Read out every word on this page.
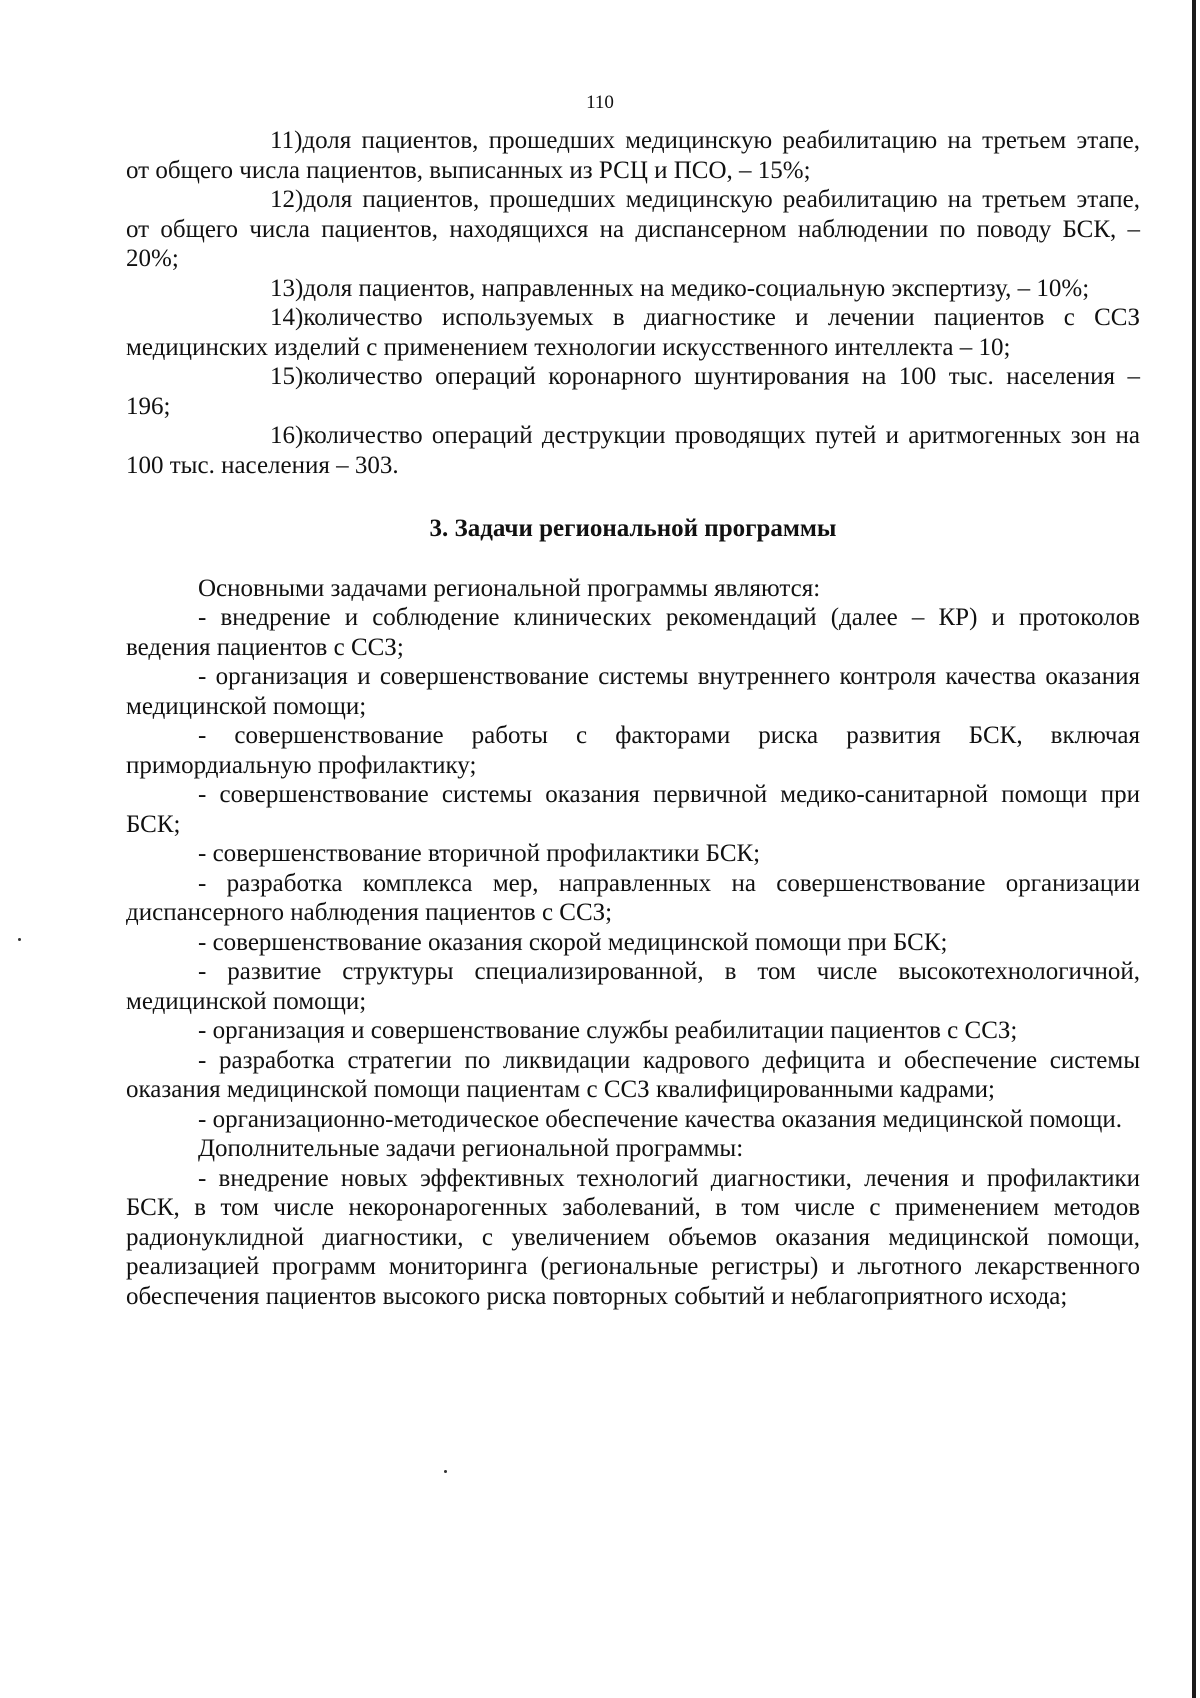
110

11)доля пациентов, прошедших медицинскую реабилитацию на третьем этапе, от общего числа пациентов, выписанных из РСЦ и ПСО, – 15%;

12)доля пациентов, прошедших медицинскую реабилитацию на третьем этапе, от общего числа пациентов, находящихся на диспансерном наблюдении по поводу БСК, – 20%;

13)доля пациентов, направленных на медико-социальную экспертизу, – 10%;

14)количество используемых в диагностике и лечении пациентов с ССЗ медицинских изделий с применением технологии искусственного интеллекта – 10;

15)количество операций коронарного шунтирования на 100 тыс. населения – 196;

16)количество операций деструкции проводящих путей и аритмогенных зон на 100 тыс. населения – 303.

3. Задачи региональной программы

Основными задачами региональной программы являются:

- внедрение и соблюдение клинических рекомендаций (далее – КР) и протоколов ведения пациентов с ССЗ;

- организация и совершенствование системы внутреннего контроля качества оказания медицинской помощи;

- совершенствование работы с факторами риска развития БСК, включая примордиальную профилактику;

- совершенствование системы оказания первичной медико-санитарной помощи при БСК;

- совершенствование вторичной профилактики БСК;

- разработка комплекса мер, направленных на совершенствование организации диспансерного наблюдения пациентов с ССЗ;

- совершенствование оказания скорой медицинской помощи при БСК;

- развитие структуры специализированной, в том числе высокотехнологичной, медицинской помощи;

- организация и совершенствование службы реабилитации пациентов с ССЗ;

- разработка стратегии по ликвидации кадрового дефицита и обеспечение системы оказания медицинской помощи пациентам с ССЗ квалифицированными кадрами;

- организационно-методическое обеспечение качества оказания медицинской помощи.

Дополнительные задачи региональной программы:

- внедрение новых эффективных технологий диагностики, лечения и профилактики БСК, в том числе некоронарогенных заболеваний, в том числе с применением методов радионуклидной диагностики, с увеличением объемов оказания медицинской помощи, реализацией программ мониторинга (региональные регистры) и льготного лекарственного обеспечения пациентов высокого риска повторных событий и неблагоприятного исхода;
